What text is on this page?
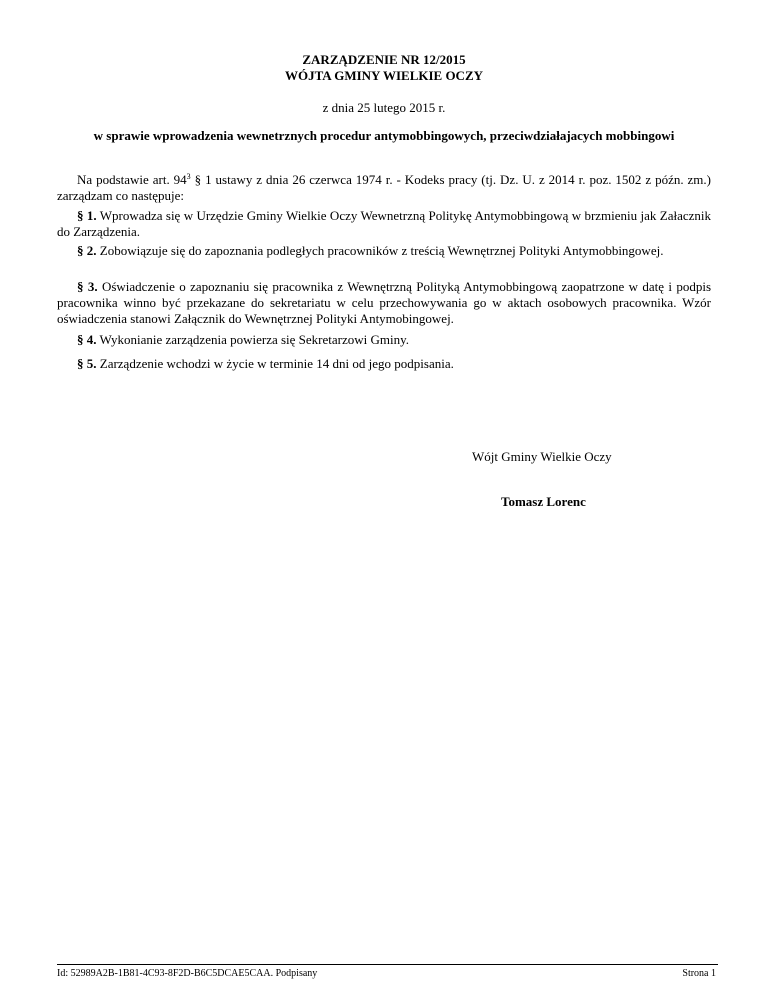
ZARZĄDZENIE NR 12/2015
WÓJTA GMINY WIELKIE OCZY
z dnia 25 lutego 2015 r.
w sprawie wprowadzenia wewnetrznych procedur antymobbingowych, przeciwdziałajacych mobbingowi
Na podstawie art. $94^3$ § 1 ustawy z dnia 26 czerwca 1974 r. - Kodeks pracy (tj. Dz. U. z 2014 r. poz. 1502 z późn. zm.) zarządzam co następuje:
§ 1. Wprowadza się w Urzędzie Gminy Wielkie Oczy Wewnetrzną Politykę Antymobbingową w brzmieniu jak Załacznik do Zarządzenia.
§ 2. Zobowiązuje się do zapoznania podległych pracowników z treścią Wewnętrznej Polityki Antymobbingowej.
§ 3. Oświadczenie o zapoznaniu się pracownika z Wewnętrzną Polityką Antymobbingową zaopatrzone w datę i podpis pracownika winno być przekazane do sekretariatu w celu przechowywania go w aktach osobowych pracownika. Wzór oświadczenia stanowi Załącznik do Wewnętrznej Polityki Antymobingowej.
§ 4. Wykonianie zarządzenia powierza się Sekretarzowi Gminy.
§ 5. Zarządzenie wchodzi w życie w terminie 14 dni od jego podpisania.
Wójt Gminy Wielkie Oczy
Tomasz Lorenc
Id: 52989A2B-1B81-4C93-8F2D-B6C5DCAE5CAA. Podpisany	Strona 1
